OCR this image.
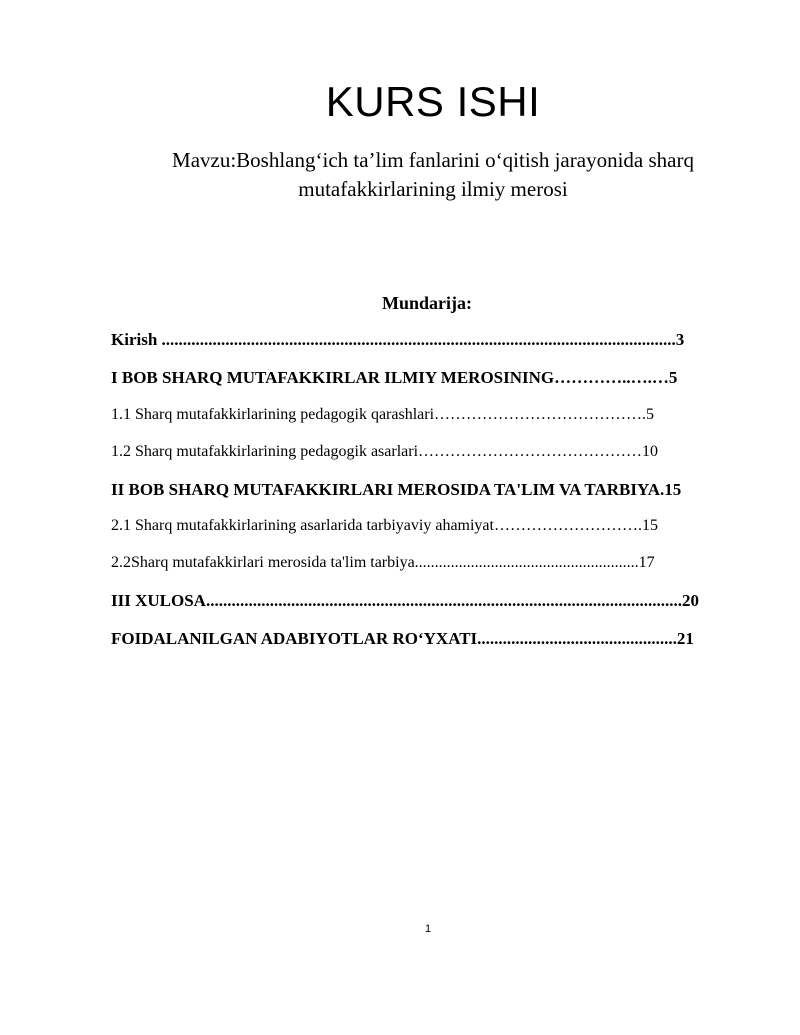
KURS ISHI
Mavzu:Boshlang‘ich ta’lim fanlarini o‘qitish jarayonida sharq
mutafakkirlarining ilmiy merosi
Mundarija:
Kirish .........................................................................................................................3
I BOB SHARQ MUTAFAKKIRLAR ILMIY MEROSINING…………..….…5
1.1 Sharq mutafakkirlarining pedagogik qarashlari………………………………….5
1.2 Sharq mutafakkirlarining pedagogik asarlari……………………………………10
II BOB SHARQ MUTAFAKKIRLARI MEROSIDA TA'LIM VA TARBIYA.15
2.1 Sharq mutafakkirlarining asarlarida tarbiyaviy ahamiyat……………………….15
2.2Sharq mutafakkirlari merosida ta'lim tarbiya........................................................17
III XULOSA................................................................................................................20
FOIDALANILGAN ADABIYOTLAR RO‘YXATI...............................................21
1
